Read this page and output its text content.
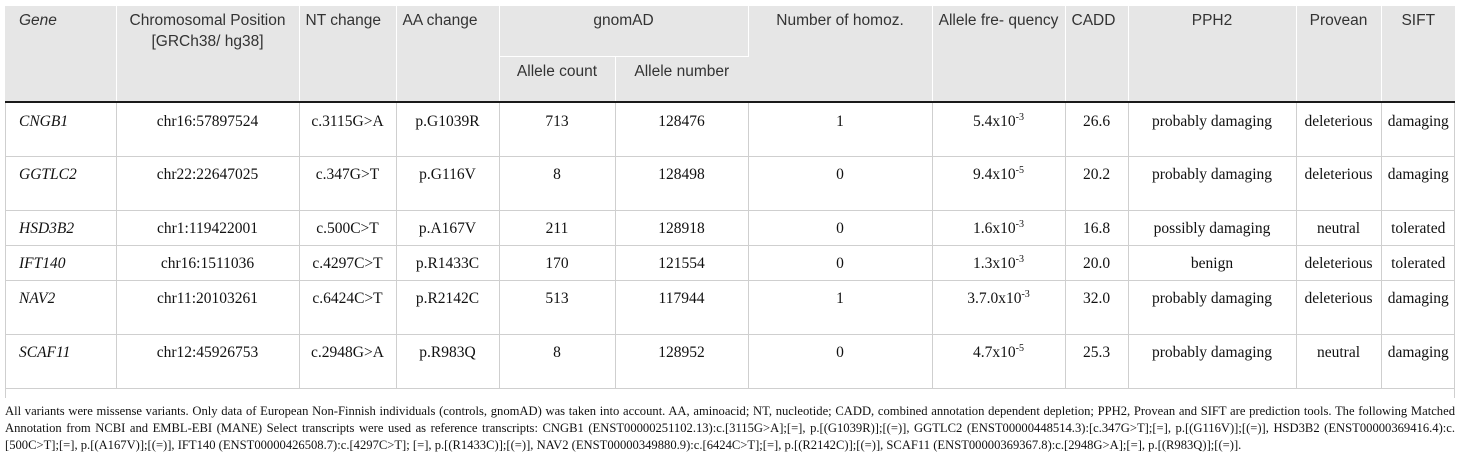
Gene	Chromosomal Position [GRCh38/ hg38]	NT change	AA change	gnomAD		Number of homoz.	Allele fre- quency	CADD	PPH2	Provean	SIFT
				Allele count	Allele number						
CNGB1	chr16:57897524	c.3115G>A	p.G1039R	713	128476	1	$5.4x10^{-3}$	26.6	probably damaging	deleterious	damaging
GGTLC2	chr22:22647025	c.347G>T	p.G116V	8	128498	0	$9.4x10^{-5}$	20.2	probably damaging	deleterious	damaging
HSD3B2	chr1:119422001	c.500C>T	p.A167V	211	128918	0	$1.6x10^{-3}$	16.8	possibly damaging	neutral	tolerated
IFT140	chr16:1511036	c.4297C>T	p.R1433C	170	121554	0	$1.3x10^{-3}$	20.0	benign	deleterious	tolerated
NAV2	chr11:20103261	c.6424C>T	p.R2142C	513	117944	1	$3.7.0x10^{-3}$	32.0	probably damaging	deleterious	damaging
SCAF11	chr12:45926753	c.2948G>A	p.R983Q	8	128952	0	$4.7x10^{-5}$	25.3	probably damaging	neutral	damaging
All variants were missense variants. Only data of European Non-Finnish individuals (controls, gnomAD) was taken into account. AA, aminoacid; NT, nucleotide; CADD, combined annotation dependent depletion; PPH2, Provean and SIFT are prediction tools. The following Matched Annotation from NCBI and EMBL-EBI (MANE) Select transcripts were used as reference transcripts: CNGB1 (ENST00000251102.13):c.[3115G>A];[=], p.[(G1039R)];[(=)], GGTLC2 (ENST00000448514.3):[c.347G>T];[=], p.[(G116V)];[(=)], HSD3B2 (ENST00000369416.4):c.[500C>T];[=], p.[(A167V)];[(=)], IFT140 (ENST00000426508.7):c.[4297C>T]; [=], p.[(R1433C)];[(=)], NAV2 (ENST00000349880.9):c.[6424C>T];[=], p.[(R2142C)];[(=)], SCAF11 (ENST00000369367.8):c.[2948G>A];[=], p.[(R983Q)];[(=)].
